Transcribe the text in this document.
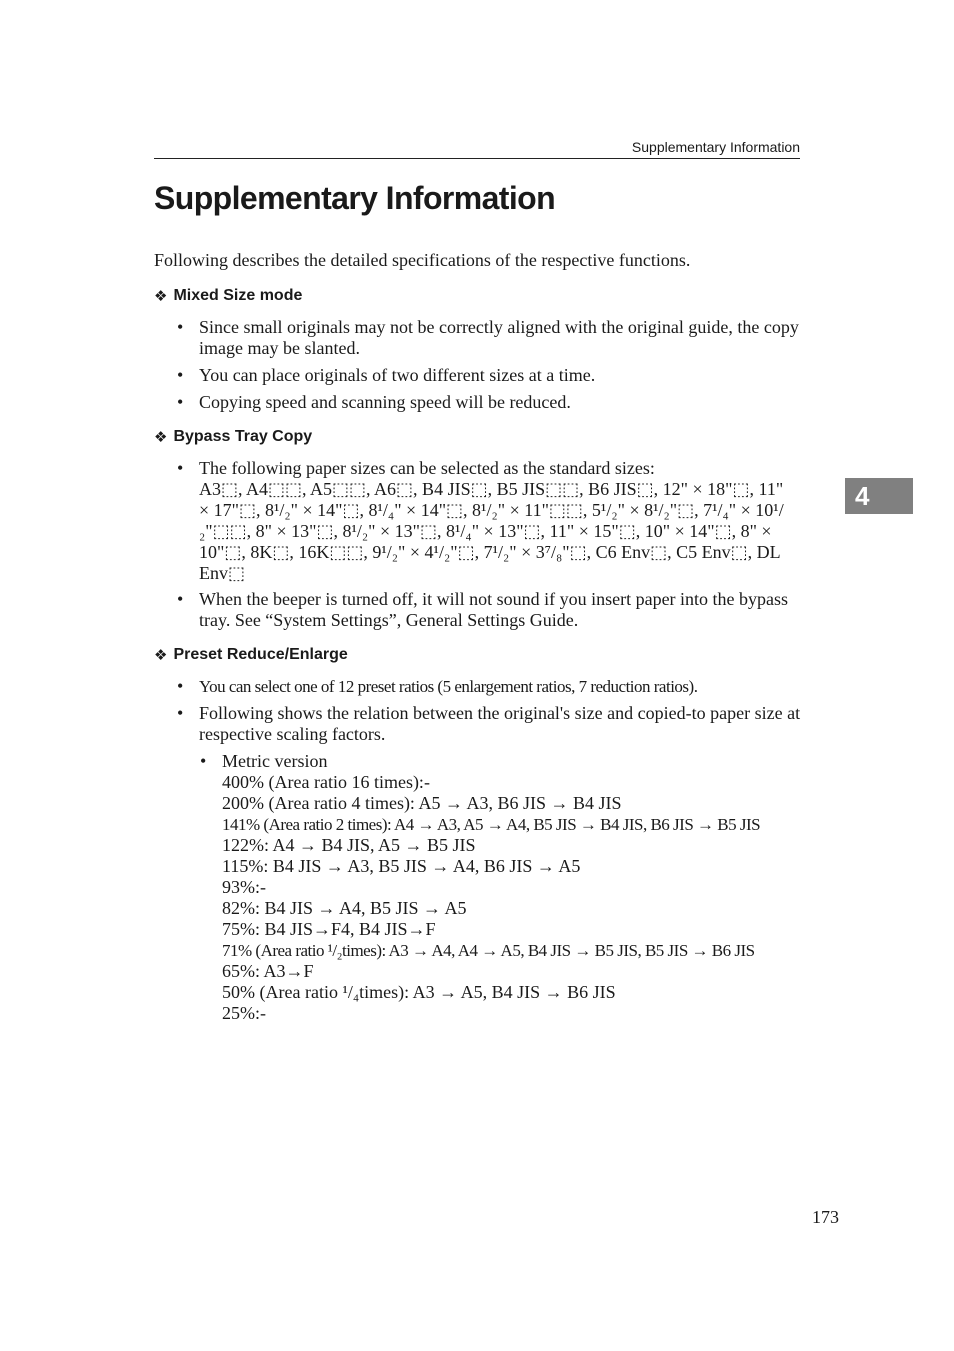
Supplementary Information
Supplementary Information
Following describes the detailed specifications of the respective functions.
❖ Mixed Size mode
• Since small originals may not be correctly aligned with the original guide, the copy image may be slanted.
• You can place originals of two different sizes at a time.
• Copying speed and scanning speed will be reduced.
❖ Bypass Tray Copy
• The following paper sizes can be selected as the standard sizes:
A3⬚, A4⬚⬚, A5⬚⬚, A6⬚, B4 JIS⬚, B5 JIS⬚⬚, B6 JIS⬚, 12" × 18"⬚, 11" × 17"⬚, 8¹/₂" × 14"⬚, 8¹/₄" × 14"⬚, 8¹/₂" × 11"⬚⬚, 5¹/₂" × 8¹/₂"⬚, 7¹/₄" × 10¹/₂"⬚⬚, 8" × 13"⬚, 8¹/₂" × 13"⬚, 8¹/₄" × 13"⬚, 11" × 15"⬚, 10" × 14"⬚, 8" × 10"⬚, 8K⬚, 16K⬚⬚, 9¹/₂" × 4¹/₂"⬚, 7¹/₂" × 3⁷/₈"⬚, C6 Env⬚, C5 Env⬚, DL Env⬚
• When the beeper is turned off, it will not sound if you insert paper into the bypass tray. See “System Settings”, General Settings Guide.
❖ Preset Reduce/Enlarge
• You can select one of 12 preset ratios (5 enlargement ratios, 7 reduction ratios).
• Following shows the relation between the original's size and copied-to paper size at respective scaling factors.
• Metric version
400% (Area ratio 16 times):-
200% (Area ratio 4 times): A5 → A3, B6 JIS → B4 JIS
141% (Area ratio 2 times): A4 → A3, A5 → A4, B5 JIS → B4 JIS, B6 JIS → B5 JIS
122%: A4 → B4 JIS, A5 → B5 JIS
115%: B4 JIS → A3, B5 JIS → A4, B6 JIS → A5
93%:-
82%: B4 JIS → A4, B5 JIS → A5
75%: B4 JIS→F4, B4 JIS→F
71% (Area ratio ¹/₂times): A3 → A4, A4 → A5, B4 JIS → B5 JIS, B5 JIS → B6 JIS
65%: A3→F
50% (Area ratio ¹/₄times): A3 → A5, B4 JIS → B6 JIS
25%:-
4
173
